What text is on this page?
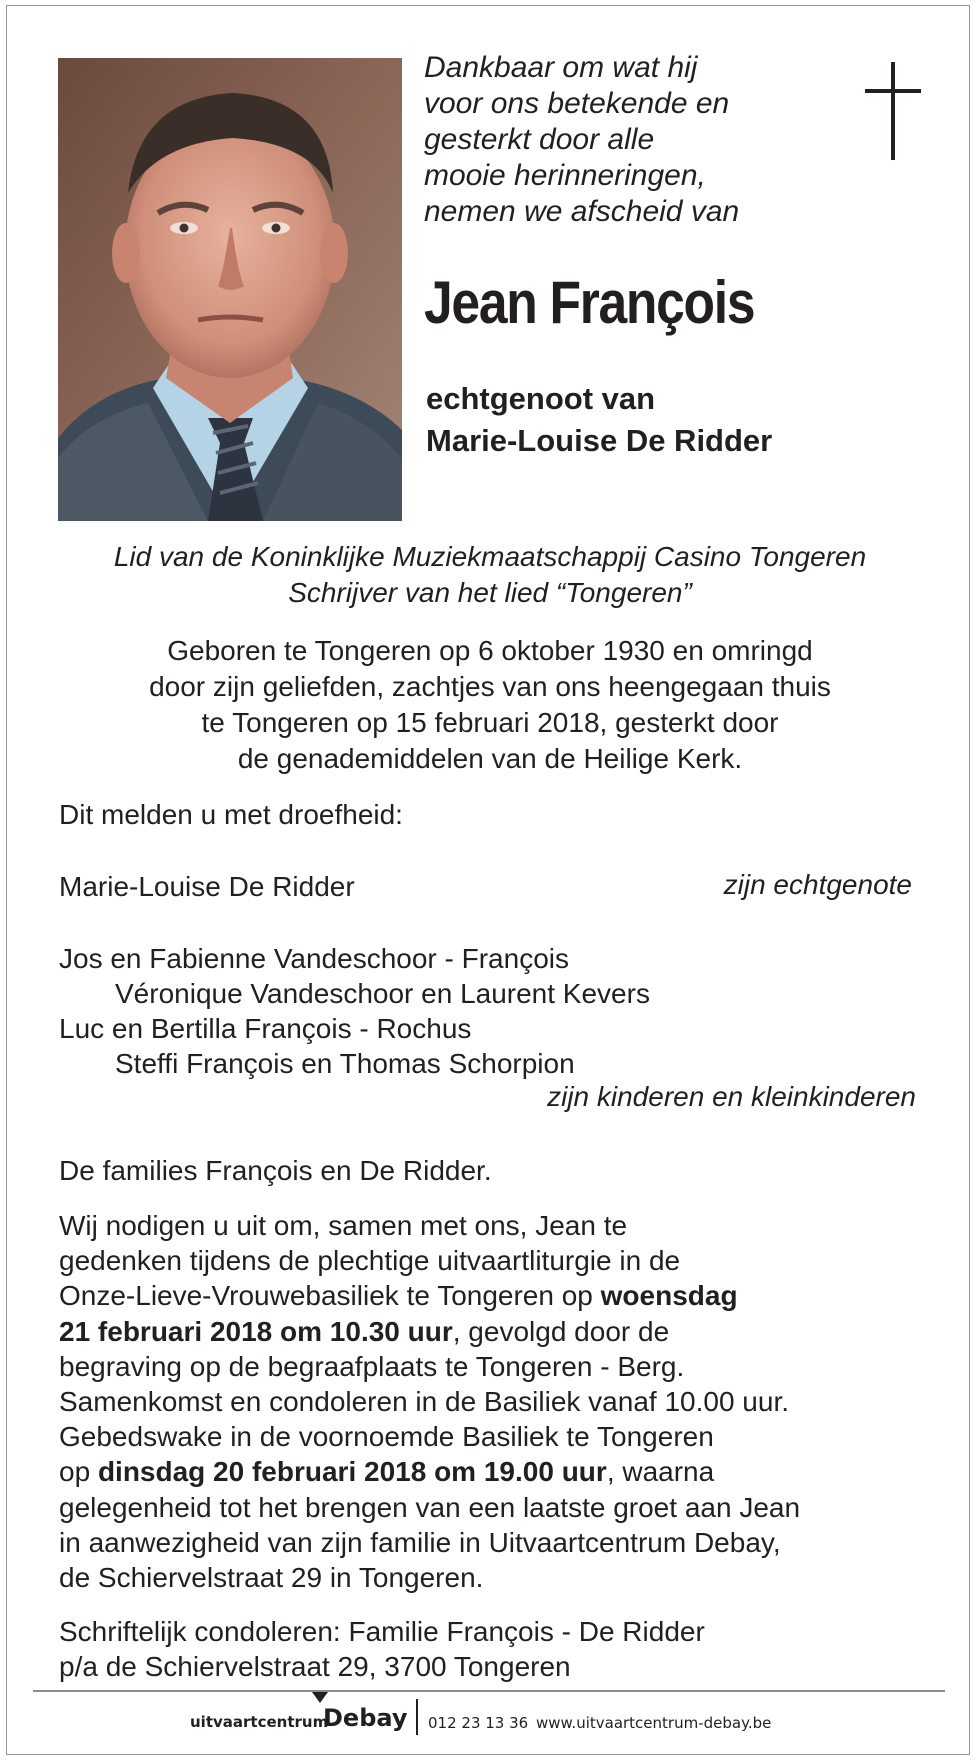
Dankbaar om wat hij
voor ons betekende en
gesterkt door alle
mooie herinneringen,
nemen we afscheid van
Jean François
echtgenoot van
Marie-Louise De Ridder
Lid van de Koninklijke Muziekmaatschappij Casino Tongeren
Schrijver van het lied “Tongeren”
Geboren te Tongeren op 6 oktober 1930 en omringd
door zijn geliefden, zachtjes van ons heengegaan thuis
te Tongeren op 15 februari 2018, gesterkt door
de genademiddelen van de Heilige Kerk.
Dit melden u met droefheid:
Marie-Louise De Ridder	zijn echtgenote
Jos en Fabienne Vandeschoor - François
Véronique Vandeschoor en Laurent Kevers
Luc en Bertilla François - Rochus
Steffi François en Thomas Schorpion
zijn kinderen en kleinkinderen
De families François en De Ridder.
Wij nodigen u uit om, samen met ons, Jean te
gedenken tijdens de plechtige uitvaartliturgie in de
Onze-Lieve-Vrouwebasiliek te Tongeren op woensdag
21 februari 2018 om 10.30 uur, gevolgd door de
begraving op de begraafplaats te Tongeren - Berg.
Samenkomst en condoleren in de Basiliek vanaf 10.00 uur.
Gebedswake in de voornoemde Basiliek te Tongeren
op dinsdag 20 februari 2018 om 19.00 uur, waarna
gelegenheid tot het brengen van een laatste groet aan Jean
in aanwezigheid van zijn familie in Uitvaartcentrum Debay,
de Schiervelstraat 29 in Tongeren.
Schriftelijk condoleren: Familie François - De Ridder
p/a de Schiervelstraat 29, 3700 Tongeren
uitvaartcentrum
Debay 012 23 13 36 www.uitvaartcentrum-debay.be
